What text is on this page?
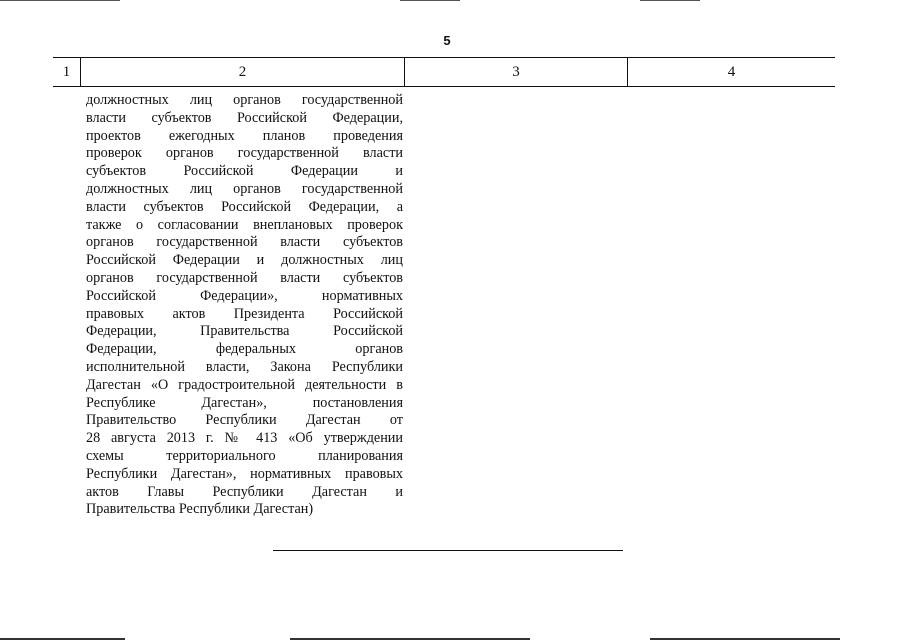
5
1	2	3	4
должностных лиц органов государственной
власти субъектов Российской Федерации,
проектов ежегодных планов проведения
проверок органов государственной власти
субъектов Российской Федерации и
должностных лиц органов государственной
власти субъектов Российской Федерации, а
также о согласовании внеплановых проверок
органов государственной власти субъектов
Российской Федерации и должностных лиц
органов государственной власти субъектов
Российской Федерации», нормативных
правовых актов Президента Российской
Федерации, Правительства Российской
Федерации, федеральных органов
исполнительной власти, Закона Республики
Дагестан «О градостроительной деятельности в
Республике Дагестан», постановления
Правительство Республики Дагестан от
28 августа 2013 г. № 413 «Об утверждении
схемы территориального планирования
Республики Дагестан», нормативных правовых
актов Главы Республики Дагестан и
Правительства Республики Дагестан)
